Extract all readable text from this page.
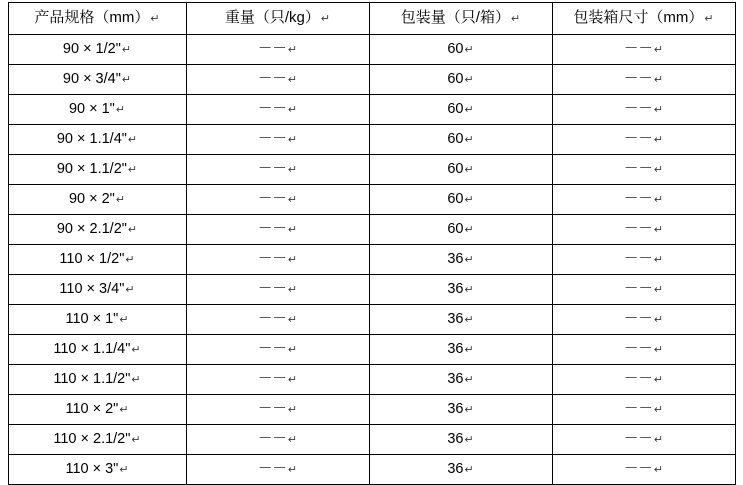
产品规格（mm）↵	重量（只/kg）↵	包装量（只/箱）↵	包装箱尺寸（mm）↵
90 × 1/2"↵	－－↵	60↵	－－↵
90 × 3/4"↵	－－↵	60↵	－－↵
90 × 1"↵	－－↵	60↵	－－↵
90 × 1.1/4"↵	－－↵	60↵	－－↵
90 × 1.1/2"↵	－－↵	60↵	－－↵
90 × 2"↵	－－↵	60↵	－－↵
90 × 2.1/2"↵	－－↵	60↵	－－↵
110 × 1/2"↵	－－↵	36↵	－－↵
110 × 3/4"↵	－－↵	36↵	－－↵
110 × 1"↵	－－↵	36↵	－－↵
110 × 1.1/4"↵	－－↵	36↵	－－↵
110 × 1.1/2"↵	－－↵	36↵	－－↵
110 × 2"↵	－－↵	36↵	－－↵
110 × 2.1/2"↵	－－↵	36↵	－－↵
110 × 3"↵	－－↵	36↵	－－↵
